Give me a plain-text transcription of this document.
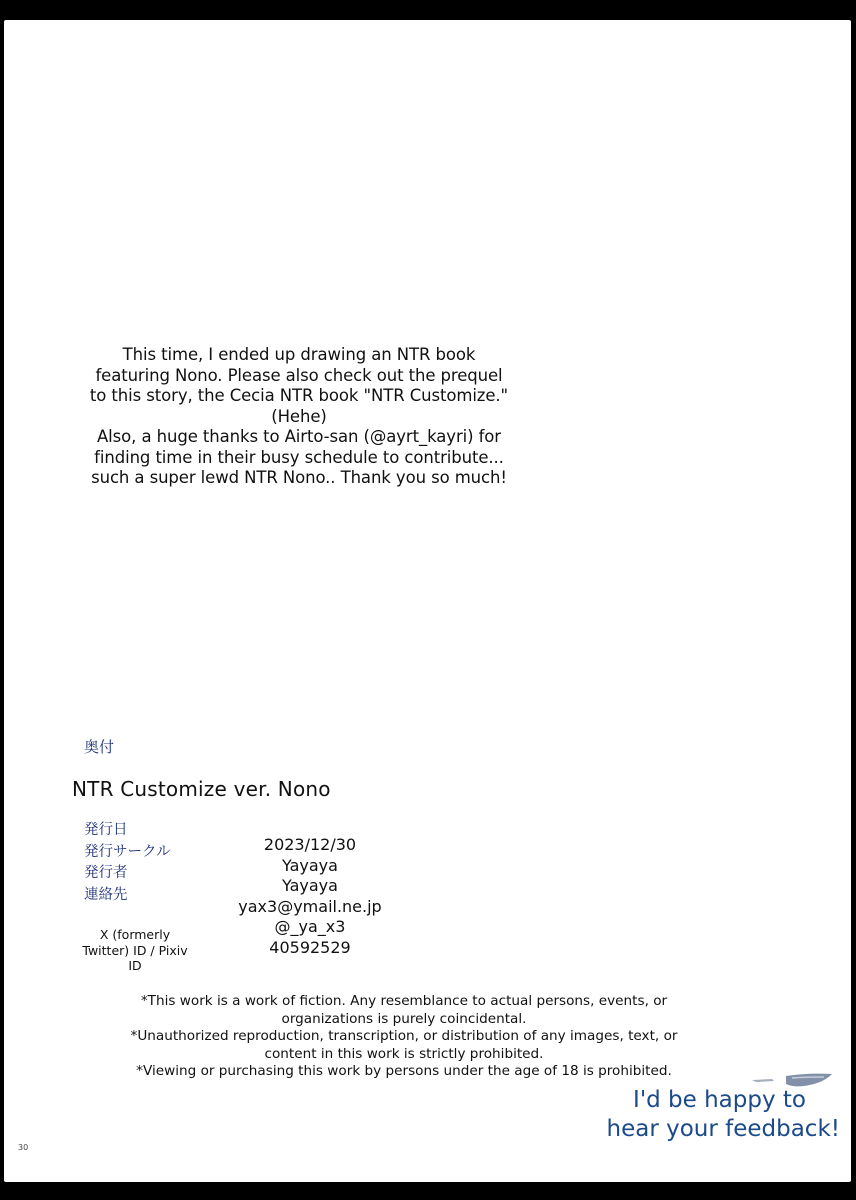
This time, I ended up drawing an NTR book
featuring Nono. Please also check out the prequel
to this story, the Cecia NTR book "NTR Customize."
(Hehe)
Also, a huge thanks to Airto-san (@ayrt_kayri) for
finding time in their busy schedule to contribute...
such a super lewd NTR Nono.. Thank you so much!
奥付
NTR Customize ver. Nono
発行日
発行サークル
発行者
連絡先
X (formerly
Twitter) ID / Pixiv
ID
2023/12/30
Yayaya
Yayaya
yax3@ymail.ne.jp
@_ya_x3
40592529
*This work is a work of fiction. Any resemblance to actual persons, events, or
organizations is purely coincidental.
*Unauthorized reproduction, transcription, or distribution of any images, text, or
content in this work is strictly prohibited.
*Viewing or purchasing this work by persons under the age of 18 is prohibited.
I'd be happy to
hear your feedback!
30
